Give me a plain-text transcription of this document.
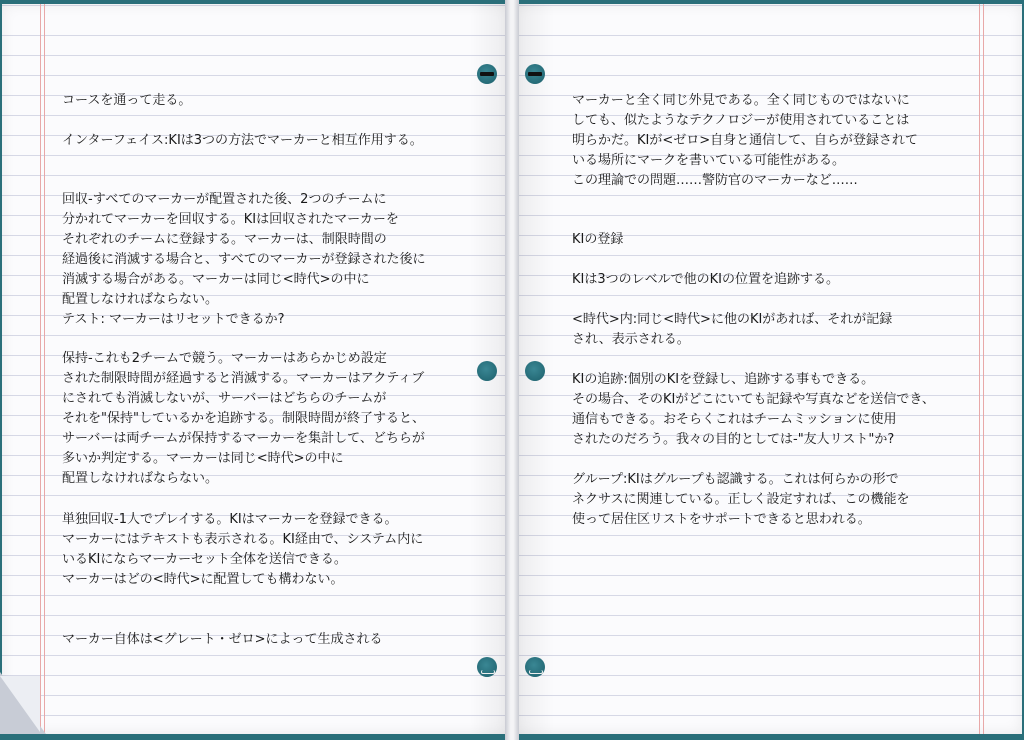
コースを通って走る。
インターフェイス:KIは3つの方法でマーカーと相互作用する。
回収-すべてのマーカーが配置された後、2つのチームに
分かれてマーカーを回収する。KIは回収されたマーカーを
それぞれのチームに登録する。マーカーは、制限時間の
経過後に消滅する場合と、すべてのマーカーが登録された後に
消滅する場合がある。マーカーは同じ<時代>の中に
配置しなければならない。
テスト: マーカーはリセットできるか?
保持-これも2チームで競う。マーカーはあらかじめ設定
された制限時間が経過すると消滅する。マーカーはアクティブ
にされても消滅しないが、サーバーはどちらのチームが
それを"保持"しているかを追跡する。制限時間が終了すると、
サーバーは両チームが保持するマーカーを集計して、どちらが
多いか判定する。マーカーは同じ<時代>の中に
配置しなければならない。
単独回収-1人でプレイする。KIはマーカーを登録できる。
マーカーにはテキストも表示される。KI経由で、システム内に
いるKIにならマーカーセット全体を送信できる。
マーカーはどの<時代>に配置しても構わない。
マーカー自体は<グレート・ゼロ>によって生成される
マーカーと全く同じ外見である。全く同じものではないに
しても、似たようなテクノロジーが使用されていることは
明らかだ。KIが<ゼロ>自身と通信して、自らが登録されて
いる場所にマークを書いている可能性がある。
この理論での問題……警防官のマーカーなど……
KIの登録
KIは3つのレベルで他のKIの位置を追跡する。
<時代>内:同じ<時代>に他のKIがあれば、それが記録
され、表示される。
KIの追跡:個別のKIを登録し、追跡する事もできる。
その場合、そのKIがどこにいても記録や写真などを送信でき、
通信もできる。おそらくこれはチームミッションに使用
されたのだろう。我々の目的としては-"友人リスト"か?
グループ:KIはグループも認識する。これは何らかの形で
ネクサスに関連している。正しく設定すれば、この機能を
使って居住区リストをサポートできると思われる。
